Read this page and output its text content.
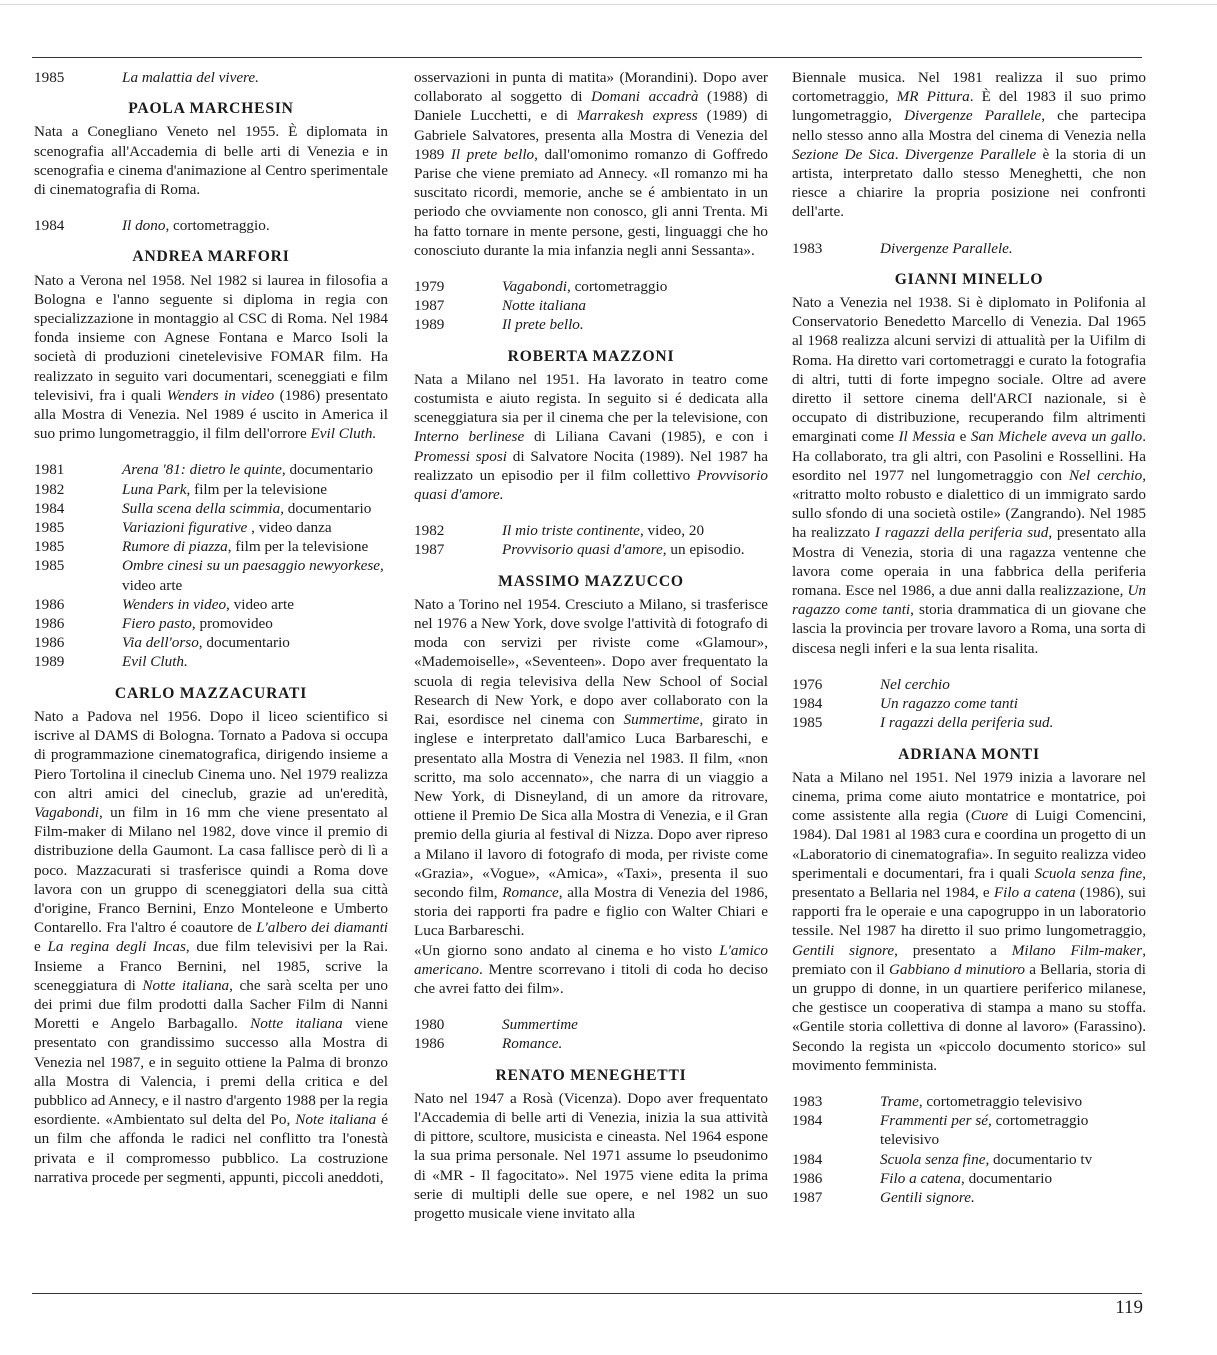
1985	La malattia del vivere.
PAOLA MARCHESIN

Nata a Conegliano Veneto nel 1955. È diplomata in scenografia all'Accademia di belle arti di Venezia e in scenografia e cinema d'animazione al Centro sperimentale di cinematografia di Roma.

1984	Il dono, cortometraggio.
ANDREA MARFORI

Nato a Verona nel 1958. Nel 1982 si laurea in filosofia a Bologna e l'anno seguente si diploma in regia con specializzazione in montaggio al CSC di Roma. Nel 1984 fonda insieme con Agnese Fontana e Marco Isoli la società di produzioni cinetelevisive FOMAR film. Ha realizzato in seguito vari documentari, sceneggiati e film televisivi, fra i quali Wenders in video (1986) presentato alla Mostra di Venezia. Nel 1989 é uscito in America il suo primo lungometraggio, il film dell'orrore Evil Cluth.

1981	Arena '81: dietro le quinte, documentario
1982	Luna Park, film per la televisione
1984	Sulla scena della scimmia, documentario
1985	Variazioni figurative , video danza
1985	Rumore di piazza, film per la televisione
1985	Ombre cinesi su un paesaggio newyorkese, video arte
1986	Wenders in video, video arte
1986	Fiero pasto, promovideo
1986	Via dell'orso, documentario
1989	Evil Cluth.
CARLO MAZZACURATI

Nato a Padova nel 1956. Dopo il liceo scientifico si iscrive al DAMS di Bologna. Tornato a Padova si occupa di programmazione cinematografica, dirigendo insieme a Piero Tortolina il cineclub Cinema uno. Nel 1979 realizza con altri amici del cineclub, grazie ad un'eredità, Vagabondi, un film in 16 mm che viene presentato al Film-maker di Milano nel 1982, dove vince il premio di distribuzione della Gaumont. La casa fallisce però di lì a poco. Mazzacurati si trasferisce quindi a Roma dove lavora con un gruppo di sceneggiatori della sua città d'origine, Franco Bernini, Enzo Monteleone e Umberto Contarello. Fra l'altro é coautore de L'albero dei diamanti e La regina degli Incas, due film televisivi per la Rai. Insieme a Franco Bernini, nel 1985, scrive la sceneggiatura di Notte italiana, che sarà scelta per uno dei primi due film prodotti dalla Sacher Film di Nanni Moretti e Angelo Barbagallo. Notte italiana viene presentato con grandissimo successo alla Mostra di Venezia nel 1987, e in seguito ottiene la Palma di bronzo alla Mostra di Valencia, i premi della critica e del pubblico ad Annecy, e il nastro d'argento 1988 per la regia esordiente. «Ambientato sul delta del Po, Note italiana é un film che affonda le radici nel conflitto tra l'onestà privata e il compromesso pubblico. La costruzione narrativa procede per segmenti, appunti, piccoli aneddoti,

osservazioni in punta di matita» (Morandini). Dopo aver collaborato al soggetto di Domani accadrà (1988) di Daniele Lucchetti, e di Marrakesh express (1989) di Gabriele Salvatores, presenta alla Mostra di Venezia del 1989 Il prete bello, dall'omonimo romanzo di Goffredo Parise che viene premiato ad Annecy. «Il romanzo mi ha suscitato ricordi, memorie, anche se é ambientato in un periodo che ovviamente non conosco, gli anni Trenta. Mi ha fatto tornare in mente persone, gesti, linguaggi che ho conosciuto durante la mia infanzia negli anni Sessanta».

1979	Vagabondi, cortometraggio
1987	Notte italiana
1989	Il prete bello.
ROBERTA MAZZONI

Nata a Milano nel 1951. Ha lavorato in teatro come costumista e aiuto regista. In seguito si é dedicata alla sceneggiatura sia per il cinema che per la televisione, con Interno berlinese di Liliana Cavani (1985), e con i Promessi sposi di Salvatore Nocita (1989). Nel 1987 ha realizzato un episodio per il film collettivo Provvisorio quasi d'amore.

1982	Il mio triste continente, video, 20
1987	Provvisorio quasi d'amore, un episodio.
MASSIMO MAZZUCCO

Nato a Torino nel 1954. Cresciuto a Milano, si trasferisce nel 1976 a New York, dove svolge l'attività di fotografo di moda con servizi per riviste come «Glamour», «Mademoiselle», «Seventeen». Dopo aver frequentato la scuola di regia televisiva della New School of Social Research di New York, e dopo aver collaborato con la Rai, esordisce nel cinema con Summertime, girato in inglese e interpretato dall'amico Luca Barbareschi, e presentato alla Mostra di Venezia nel 1983. Il film, «non scritto, ma solo accennato», che narra di un viaggio a New York, di Disneyland, di un amore da ritrovare, ottiene il Premio De Sica alla Mostra di Venezia, e il Gran premio della giuria al festival di Nizza. Dopo aver ripreso a Milano il lavoro di fotografo di moda, per riviste come «Grazia», «Vogue», «Amica», «Taxi», presenta il suo secondo film, Romance, alla Mostra di Venezia del 1986, storia dei rapporti fra padre e figlio con Walter Chiari e Luca Barbareschi.
«Un giorno sono andato al cinema e ho visto L'amico americano. Mentre scorrevano i titoli di coda ho deciso che avrei fatto dei film».

1980	Summertime
1986	Romance.
RENATO MENEGHETTI

Nato nel 1947 a Rosà (Vicenza). Dopo aver frequentato l'Accademia di belle arti di Venezia, inizia la sua attività di pittore, scultore, musicista e cineasta. Nel 1964 espone la sua prima personale. Nel 1971 assume lo pseudonimo di «MR - Il fagocitato». Nel 1975 viene edita la prima serie di multipli delle sue opere, e nel 1982 un suo progetto musicale viene invitato alla

Biennale musica. Nel 1981 realizza il suo primo cortometraggio, MR Pittura. È del 1983 il suo primo lungometraggio, Divergenze Parallele, che partecipa nello stesso anno alla Mostra del cinema di Venezia nella Sezione De Sica. Divergenze Parallele è la storia di un artista, interpretato dallo stesso Meneghetti, che non riesce a chiarire la propria posizione nei confronti dell'arte.

1983	Divergenze Parallele.
GIANNI MINELLO

Nato a Venezia nel 1938. Si è diplomato in Polifonia al Conservatorio Benedetto Marcello di Venezia. Dal 1965 al 1968 realizza alcuni servizi di attualità per la Uifilm di Roma. Ha diretto vari cortometraggi e curato la fotografia di altri, tutti di forte impegno sociale. Oltre ad avere diretto il settore cinema dell'ARCI nazionale, si è occupato di distribuzione, recuperando film altrimenti emarginati come Il Messia e San Michele aveva un gallo. Ha collaborato, tra gli altri, con Pasolini e Rossellini. Ha esordito nel 1977 nel lungometraggio con Nel cerchio, «ritratto molto robusto e dialettico di un immigrato sardo sullo sfondo di una società ostile» (Zangrando). Nel 1985 ha realizzato I ragazzi della periferia sud, presentato alla Mostra di Venezia, storia di una ragazza ventenne che lavora come operaia in una fabbrica della periferia romana. Esce nel 1986, a due anni dalla realizzazione, Un ragazzo come tanti, storia drammatica di un giovane che lascia la provincia per trovare lavoro a Roma, una sorta di discesa negli inferi e la sua lenta risalita.

1976	Nel cerchio
1984	Un ragazzo come tanti
1985	I ragazzi della periferia sud.
ADRIANA MONTI

Nata a Milano nel 1951. Nel 1979 inizia a lavorare nel cinema, prima come aiuto montatrice e montatrice, poi come assistente alla regia (Cuore di Luigi Comencini, 1984). Dal 1981 al 1983 cura e coordina un progetto di un «Laboratorio di cinematografia». In seguito realizza video sperimentali e documentari, fra i quali Scuola senza fine, presentato a Bellaria nel 1984, e Filo a catena (1986), sui rapporti fra le operaie e una capogruppo in un laboratorio tessile. Nel 1987 ha diretto il suo primo lungometraggio, Gentili signore, presentato a Milano Film-maker, premiato con il Gabbiano d minutioro a Bellaria, storia di un gruppo di donne, in un quartiere periferico milanese, che gestisce un cooperativa di stampa a mano su stoffa. «Gentile storia collettiva di donne al lavoro» (Farassino). Secondo la regista un «piccolo documento storico» sul movimento femminista.

1983	Trame, cortometraggio televisivo
1984	Frammenti per sé, cortometraggio televisivo
1984	Scuola senza fine, documentario tv
1986	Filo a catena, documentario
1987	Gentili signore.
119
